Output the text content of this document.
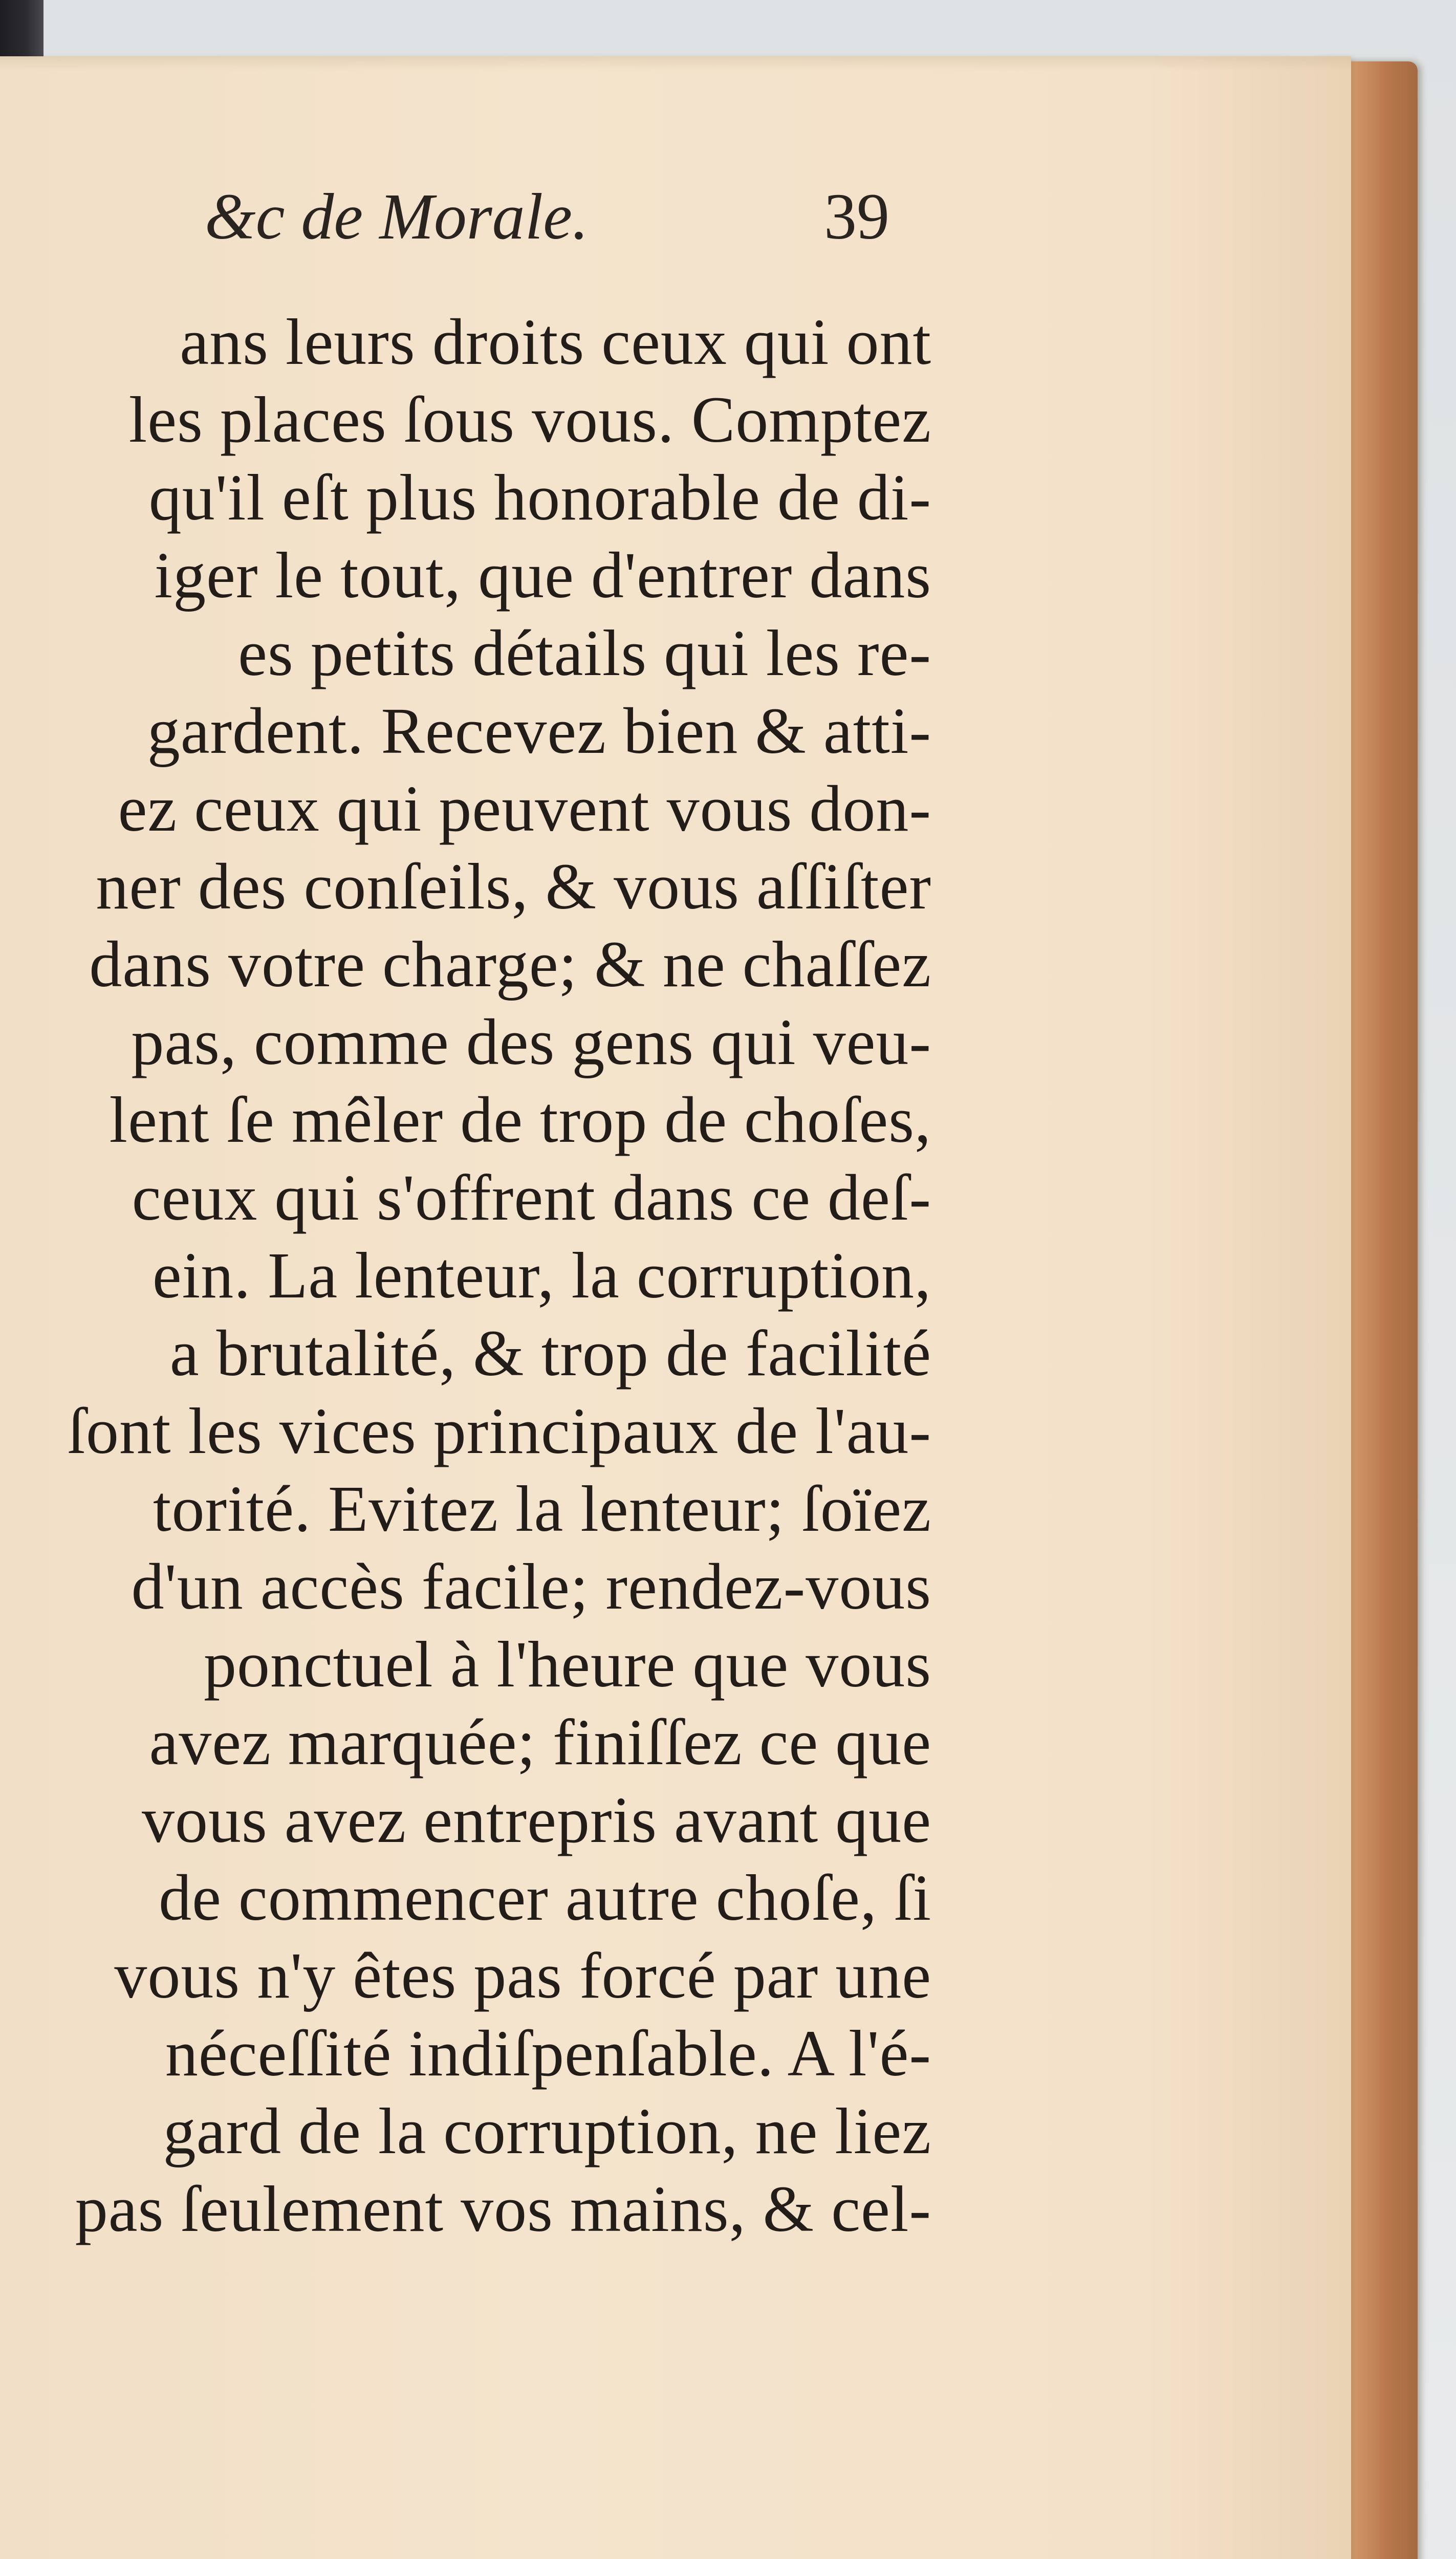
&c de Morale.	39
ans leurs droits ceux qui ont
les places ſous vous. Comptez
qu'il eſt plus honorable de di-
iger le tout, que d'entrer dans
es petits détails qui les re-
gardent. Recevez bien & atti-
ez ceux qui peuvent vous don-
ner des conſeils, & vous aſſiſter
dans votre charge; & ne chaſſez
pas, comme des gens qui veu-
lent ſe mêler de trop de choſes,
ceux qui s'offrent dans ce deſ-
ein. La lenteur, la corruption,
a brutalité, & trop de facilité
ſont les vices principaux de l'au-
torité. Evitez la lenteur; ſoïez
d'un accès facile; rendez-vous
ponctuel à l'heure que vous
avez marquée; finiſſez ce que
vous avez entrepris avant que
de commencer autre choſe, ſi
vous n'y êtes pas forcé par une
néceſſité indiſpenſable. A l'é-
gard de la corruption, ne liez
pas ſeulement vos mains, & cel-
